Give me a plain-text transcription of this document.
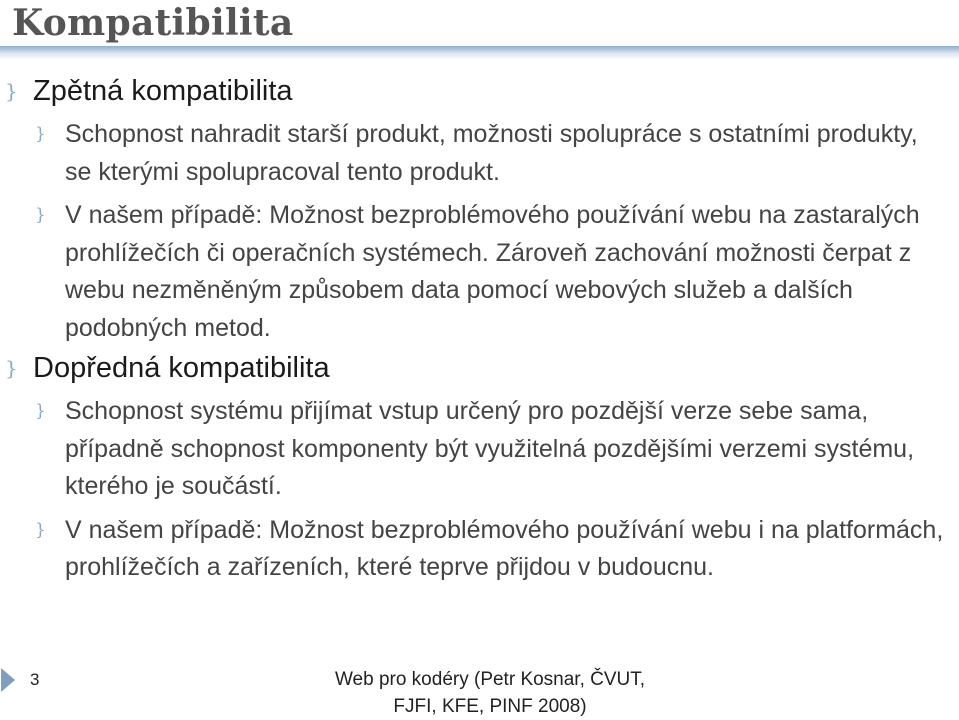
Kompatibilita
} Zpětná kompatibilita
} Schopnost nahradit starší produkt, možnosti spolupráce s ostatními produkty, se kterými spolupracoval tento produkt.
} V našem případě: Možnost bezproblémového používání webu na zastaralých prohlížečích či operačních systémech. Zároveň zachování možnosti čerpat z webu nezměněným způsobem data pomocí webových služeb a dalších podobných metod.
} Dopředná kompatibilita
} Schopnost systému přijímat vstup určený pro pozdější verze sebe sama, případně schopnost komponenty být využitelná pozdějšími verzemi systému, kterého je součástí.
} V našem případě: Možnost bezproblémového používání webu i na platformách, prohlížečích a zařízeních, které teprve přijdou v budoucnu.
3	Web pro kodéry (Petr Kosnar, ČVUT,
FJFI, KFE, PINF 2008)
